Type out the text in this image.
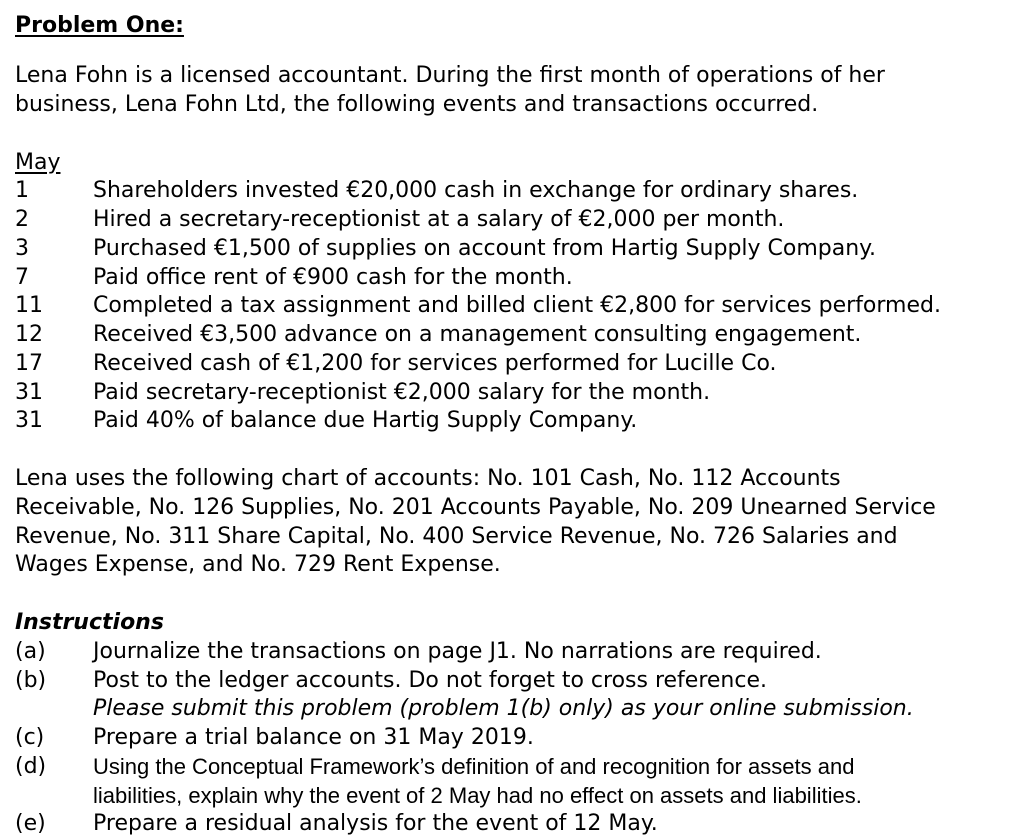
Problem One:
Lena Fohn is a licensed accountant. During the first month of operations of her
business, Lena Fohn Ltd, the following events and transactions occurred.
May
1	Shareholders invested €20,000 cash in exchange for ordinary shares.
2	Hired a secretary-receptionist at a salary of €2,000 per month.
3	Purchased €1,500 of supplies on account from Hartig Supply Company.
7	Paid office rent of €900 cash for the month.
11	Completed a tax assignment and billed client €2,800 for services performed.
12	Received €3,500 advance on a management consulting engagement.
17	Received cash of €1,200 for services performed for Lucille Co.
31	Paid secretary-receptionist €2,000 salary for the month.
31	Paid 40% of balance due Hartig Supply Company.
Lena uses the following chart of accounts: No. 101 Cash, No. 112 Accounts
Receivable, No. 126 Supplies, No. 201 Accounts Payable, No. 209 Unearned Service
Revenue, No. 311 Share Capital, No. 400 Service Revenue, No. 726 Salaries and
Wages Expense, and No. 729 Rent Expense.
Instructions
(a)	Journalize the transactions on page J1. No narrations are required.
(b)	Post to the ledger accounts. Do not forget to cross reference.
Please submit this problem (problem 1(b) only) as your online submission.
(c)	Prepare a trial balance on 31 May 2019.
(d)	Using the Conceptual Framework’s definition of and recognition for assets and
liabilities, explain why the event of 2 May had no effect on assets and liabilities.
(e)	Prepare a residual analysis for the event of 12 May.
